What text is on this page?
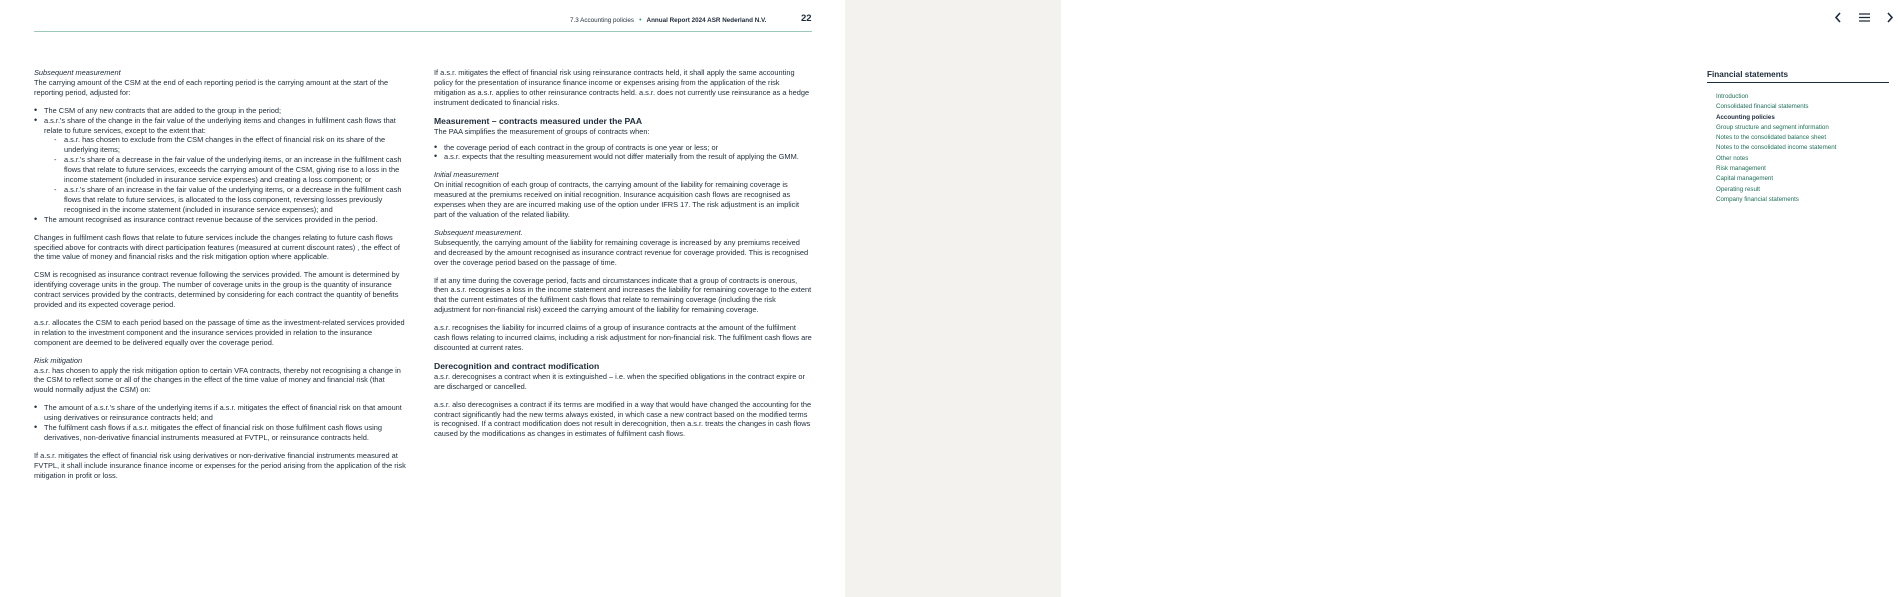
7.3 Accounting policies • Annual Report 2024 ASR Nederland N.V.	22

Subsequent measurement
The carrying amount of the CSM at the end of each reporting period is the carrying amount at the start of the reporting period, adjusted for:

• The CSM of any new contracts that are added to the group in the period;
• a.s.r.'s share of the change in the fair value of the underlying items and changes in fulfilment cash flows that relate to future services, except to the extent that:
- a.s.r. has chosen to exclude from the CSM changes in the effect of financial risk on its share of the underlying items;
- a.s.r.'s share of a decrease in the fair value of the underlying items, or an increase in the fulfilment cash flows that relate to future services, exceeds the carrying amount of the CSM, giving rise to a loss in the income statement (included in insurance service expenses) and creating a loss component; or
- a.s.r.'s share of an increase in the fair value of the underlying items, or a decrease in the fulfilment cash flows that relate to future services, is allocated to the loss component, reversing losses previously recognised in the income statement (included in insurance service expenses); and
• The amount recognised as insurance contract revenue because of the services provided in the period.

Changes in fulfilment cash flows that relate to future services include the changes relating to future cash flows specified above for contracts with direct participation features (measured at current discount rates) , the effect of the time value of money and financial risks and the risk mitigation option where applicable.

CSM is recognised as insurance contract revenue following the services provided. The amount is determined by identifying coverage units in the group. The number of coverage units in the group is the quantity of insurance contract services provided by the contracts, determined by considering for each contract the quantity of benefits provided and its expected coverage period.

a.s.r. allocates the CSM to each period based on the passage of time as the investment-related services provided in relation to the investment component and the insurance services provided in relation to the insurance component are deemed to be delivered equally over the coverage period.

Risk mitigation
a.s.r. has chosen to apply the risk mitigation option to certain VFA contracts, thereby not recognising a change in the CSM to reflect some or all of the changes in the effect of the time value of money and financial risk (that would normally adjust the CSM) on:

• The amount of a.s.r.'s share of the underlying items if a.s.r. mitigates the effect of financial risk on that amount using derivatives or reinsurance contracts held; and
• The fulfilment cash flows if a.s.r. mitigates the effect of financial risk on those fulfilment cash flows using derivatives, non-derivative financial instruments measured at FVTPL, or reinsurance contracts held.

If a.s.r. mitigates the effect of financial risk using derivatives or non-derivative financial instruments measured at FVTPL, it shall include insurance finance income or expenses for the period arising from the application of the risk mitigation in profit or loss.

If a.s.r. mitigates the effect of financial risk using reinsurance contracts held, it shall apply the same accounting policy for the presentation of insurance finance income or expenses arising from the application of the risk mitigation as a.s.r. applies to other reinsurance contracts held. a.s.r. does not currently use reinsurance as a hedge instrument dedicated to financial risks.

Measurement – contracts measured under the PAA

The PAA simplifies the measurement of groups of contracts when:

• the coverage period of each contract in the group of contracts is one year or less; or
• a.s.r. expects that the resulting measurement would not differ materially from the result of applying the GMM.

Initial measurement
On initial recognition of each group of contracts, the carrying amount of the liability for remaining coverage is measured at the premiums received on initial recognition. Insurance acquisition cash flows are recognised as expenses when they are are incurred making use of the option under IFRS 17. The risk adjustment is an implicit part of the valuation of the related liability.

Subsequent measurement.
Subsequently, the carrying amount of the liability for remaining coverage is increased by any premiums received and decreased by the amount recognised as insurance contract revenue for coverage provided. This is recognised over the coverage period based on the passage of time.

If at any time during the coverage period, facts and circumstances indicate that a group of contracts is onerous, then a.s.r. recognises a loss in the income statement and increases the liability for remaining coverage to the extent that the current estimates of the fulfilment cash flows that relate to remaining coverage (including the risk adjustment for non-financial risk) exceed the carrying amount of the liability for remaining coverage.

a.s.r. recognises the liability for incurred claims of a group of insurance contracts at the amount of the fulfilment cash flows relating to incurred claims, including a risk adjustment for non-financial risk. The fulfilment cash flows are discounted at current rates.

Derecognition and contract modification

a.s.r. derecognises a contract when it is extinguished – i.e. when the specified obligations in the contract expire or are discharged or cancelled.

a.s.r. also derecognises a contract if its terms are modified in a way that would have changed the accounting for the contract significantly had the new terms always existed, in which case a new contract based on the modified terms is recognised. If a contract modification does not result in derecognition, then a.s.r. treats the changes in cash flows caused by the modifications as changes in estimates of fulfilment cash flows.

Financial statements
Introduction
Consolidated financial statements
Accounting policies
Group structure and segment information
Notes to the consolidated balance sheet
Notes to the consolidated income statement
Other notes
Risk management
Capital management
Operating result
Company financial statements
